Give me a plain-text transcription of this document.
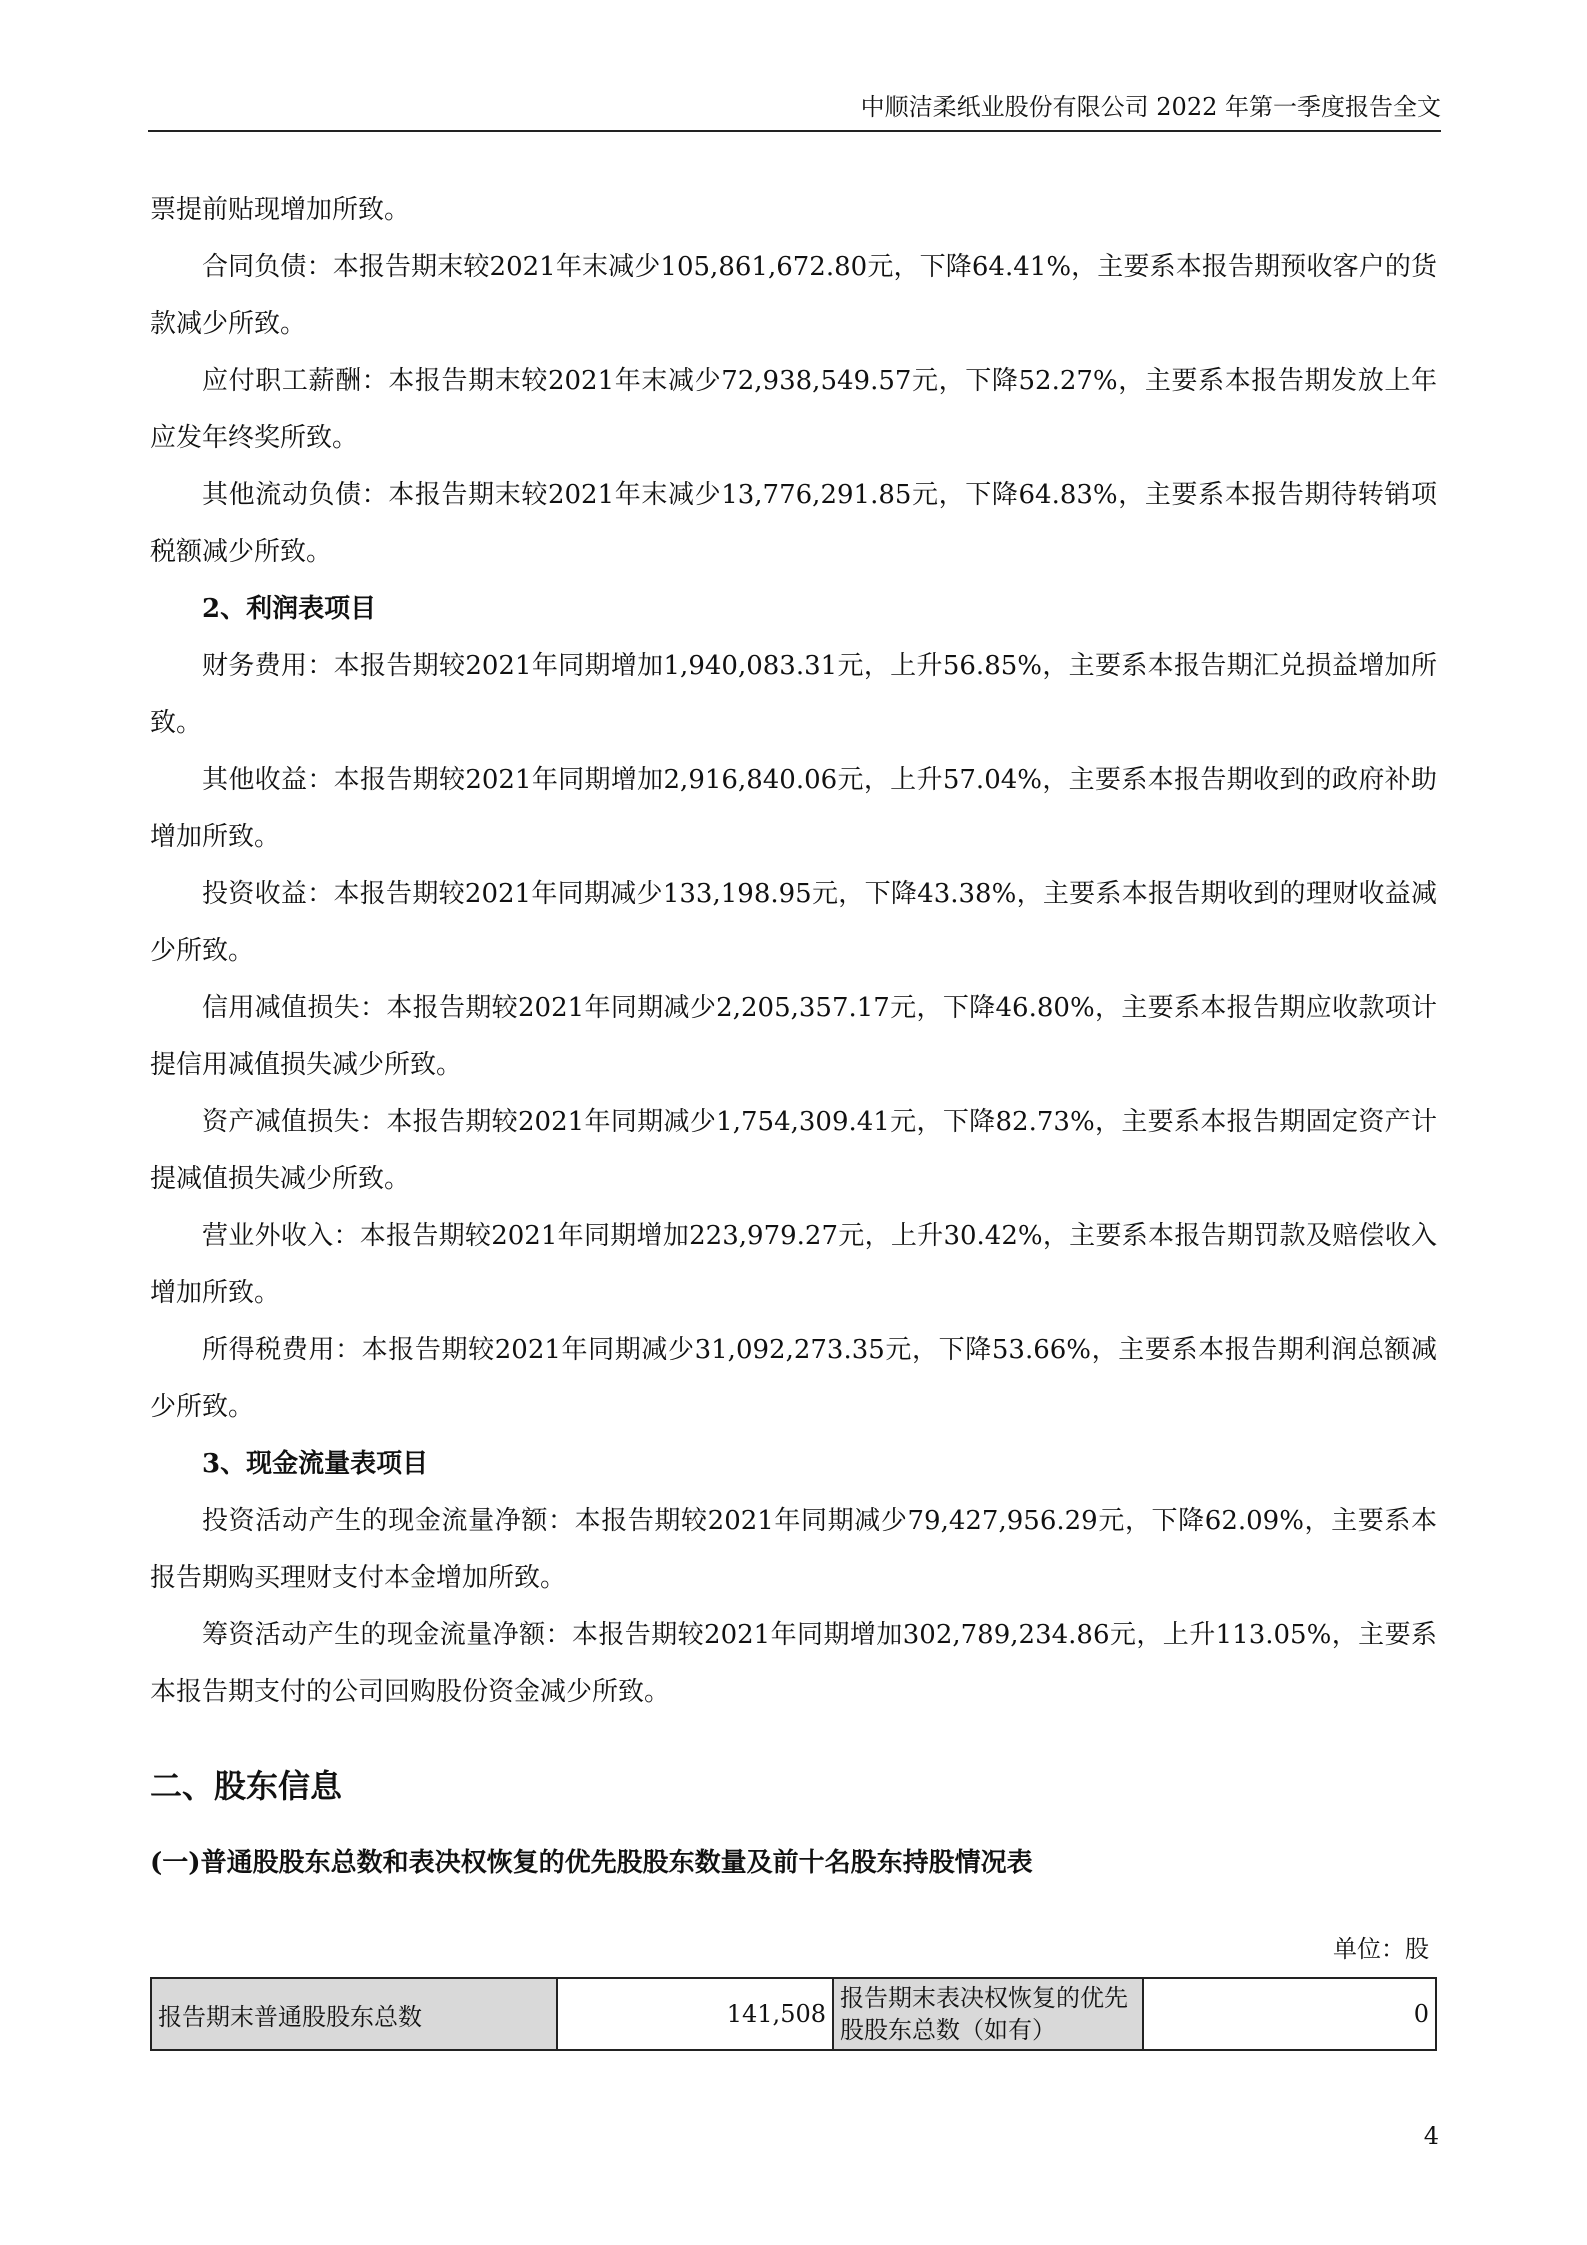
中顺洁柔纸业股份有限公司 2022 年第一季度报告全文

票提前贴现增加所致。

合同负债：本报告期末较2021年末减少105,861,672.80元，下降64.41%，主要系本报告期预收客户的货款减少所致。

应付职工薪酬：本报告期末较2021年末减少72,938,549.57元，下降52.27%，主要系本报告期发放上年应发年终奖所致。

其他流动负债：本报告期末较2021年末减少13,776,291.85元，下降64.83%，主要系本报告期待转销项税额减少所致。

2、利润表项目

财务费用：本报告期较2021年同期增加1,940,083.31元，上升56.85%，主要系本报告期汇兑损益增加所致。

其他收益：本报告期较2021年同期增加2,916,840.06元，上升57.04%，主要系本报告期收到的政府补助增加所致。

投资收益：本报告期较2021年同期减少133,198.95元，下降43.38%，主要系本报告期收到的理财收益减少所致。

信用减值损失：本报告期较2021年同期减少2,205,357.17元，下降46.80%，主要系本报告期应收款项计提信用减值损失减少所致。

资产减值损失：本报告期较2021年同期减少1,754,309.41元，下降82.73%，主要系本报告期固定资产计提减值损失减少所致。

营业外收入：本报告期较2021年同期增加223,979.27元，上升30.42%，主要系本报告期罚款及赔偿收入增加所致。

所得税费用：本报告期较2021年同期减少31,092,273.35元，下降53.66%，主要系本报告期利润总额减少所致。

3、现金流量表项目

投资活动产生的现金流量净额：本报告期较2021年同期减少79,427,956.29元，下降62.09%，主要系本报告期购买理财支付本金增加所致。

筹资活动产生的现金流量净额：本报告期较2021年同期增加302,789,234.86元，上升113.05%，主要系本报告期支付的公司回购股份资金减少所致。

二、股东信息
(一)普通股股东总数和表决权恢复的优先股股东数量及前十名股东持股情况表
单位：股
报告期末普通股股东总数	141,508	报告期末表决权恢复的优先股股东总数（如有）	0
4
